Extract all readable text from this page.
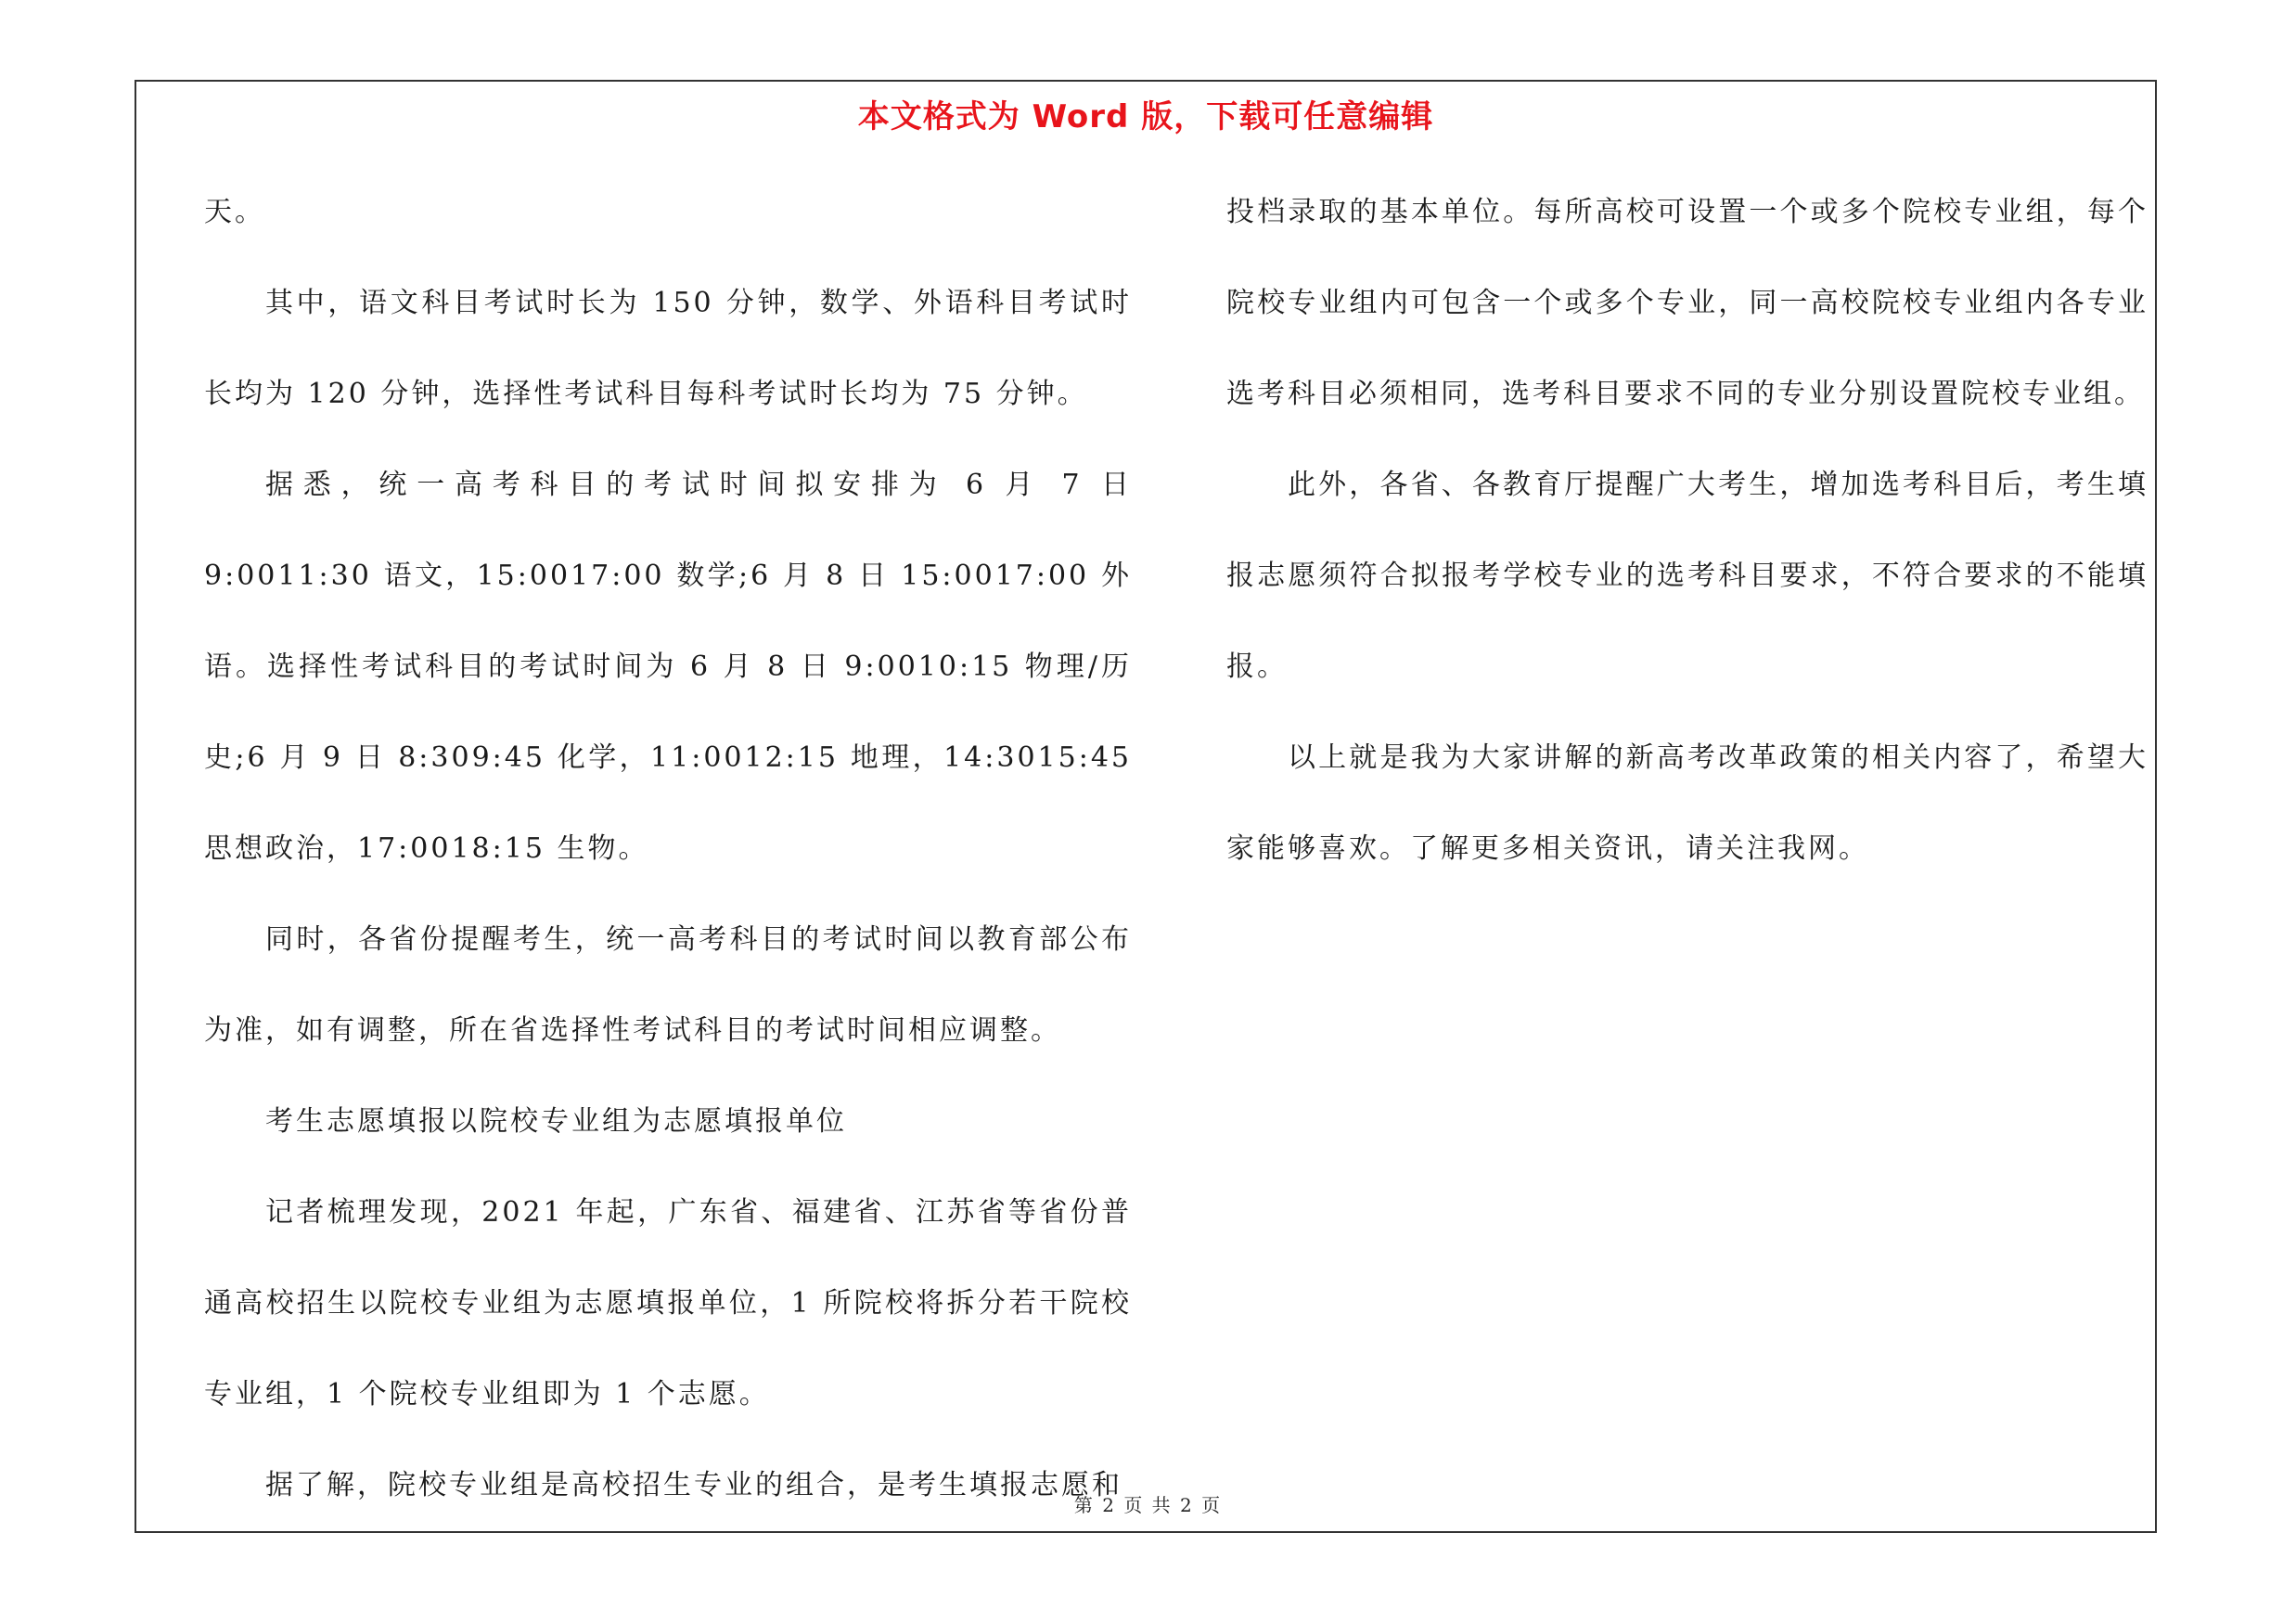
本文格式为 Word 版，下载可任意编辑

天。

其中，语文科目考试时长为 150 分钟，数学、外语科目考试时长均为 120 分钟，选择性考试科目每科考试时长均为 75 分钟。

据悉，统一高考科目的考试时间拟安排为 6 月 7 日 9:0011:30 语文，15:0017:00 数学;6 月 8 日 15:0017:00 外语。选择性考试科目的考试时间为 6 月 8 日 9:0010:15 物理/历史;6 月 9 日 8:309:45 化学，11:0012:15 地理，14:3015:45 思想政治，17:0018:15 生物。

同时，各省份提醒考生，统一高考科目的考试时间以教育部公布为准，如有调整，所在省选择性考试科目的考试时间相应调整。

考生志愿填报以院校专业组为志愿填报单位

记者梳理发现，2021 年起，广东省、福建省、江苏省等省份普通高校招生以院校专业组为志愿填报单位，1 所院校将拆分若干院校专业组，1 个院校专业组即为 1 个志愿。

据了解，院校专业组是高校招生专业的组合，是考生填报志愿和

投档录取的基本单位。每所高校可设置一个或多个院校专业组，每个院校专业组内可包含一个或多个专业，同一高校院校专业组内各专业选考科目必须相同，选考科目要求不同的专业分别设置院校专业组。

此外，各省、各教育厅提醒广大考生，增加选考科目后，考生填报志愿须符合拟报考学校专业的选考科目要求，不符合要求的不能填报。

以上就是我为大家讲解的新高考改革政策的相关内容了，希望大家能够喜欢。了解更多相关资讯，请关注我网。

第 2 页 共 2 页
